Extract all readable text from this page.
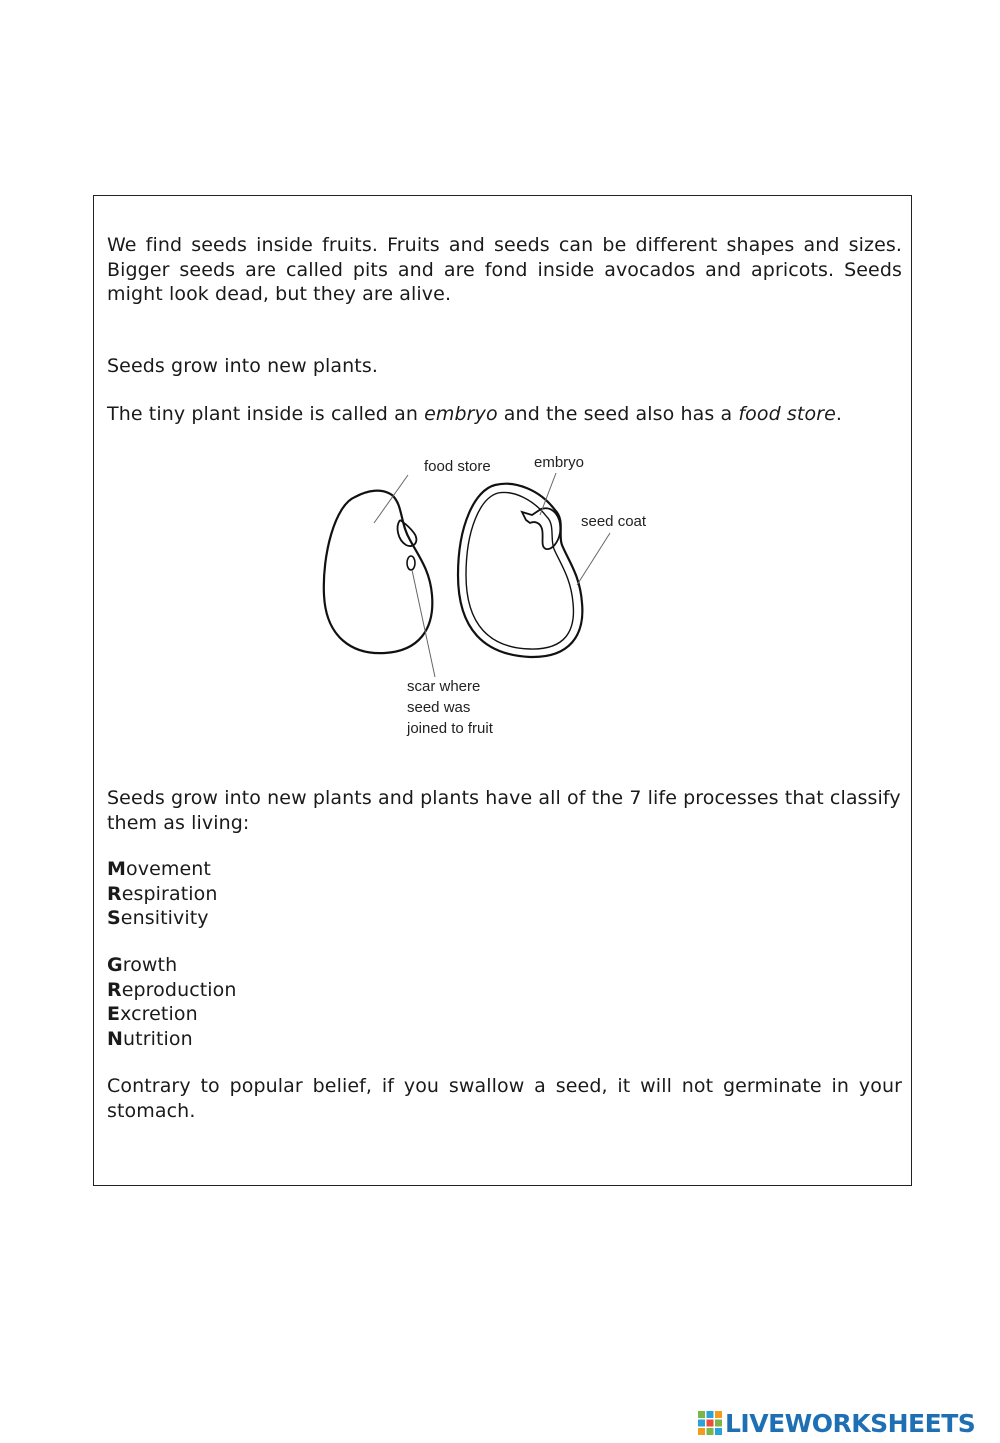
We find seeds inside fruits. Fruits and seeds can be different shapes and sizes. Bigger seeds are called pits and are fond inside avocados and apricots. Seeds might look dead, but they are alive.

Seeds grow into new plants.

The tiny plant inside is called an embryo and the seed also has a food store.

food store	embryo
seed coat
scar where
seed was
joined to fruit

Seeds grow into new plants and plants have all of the 7 life processes that classify them as living:

Movement
Respiration
Sensitivity
Growth
Reproduction
Excretion
Nutrition

Contrary to popular belief, if you swallow a seed, it will not germinate in your stomach.

LIVEWORKSHEETS
